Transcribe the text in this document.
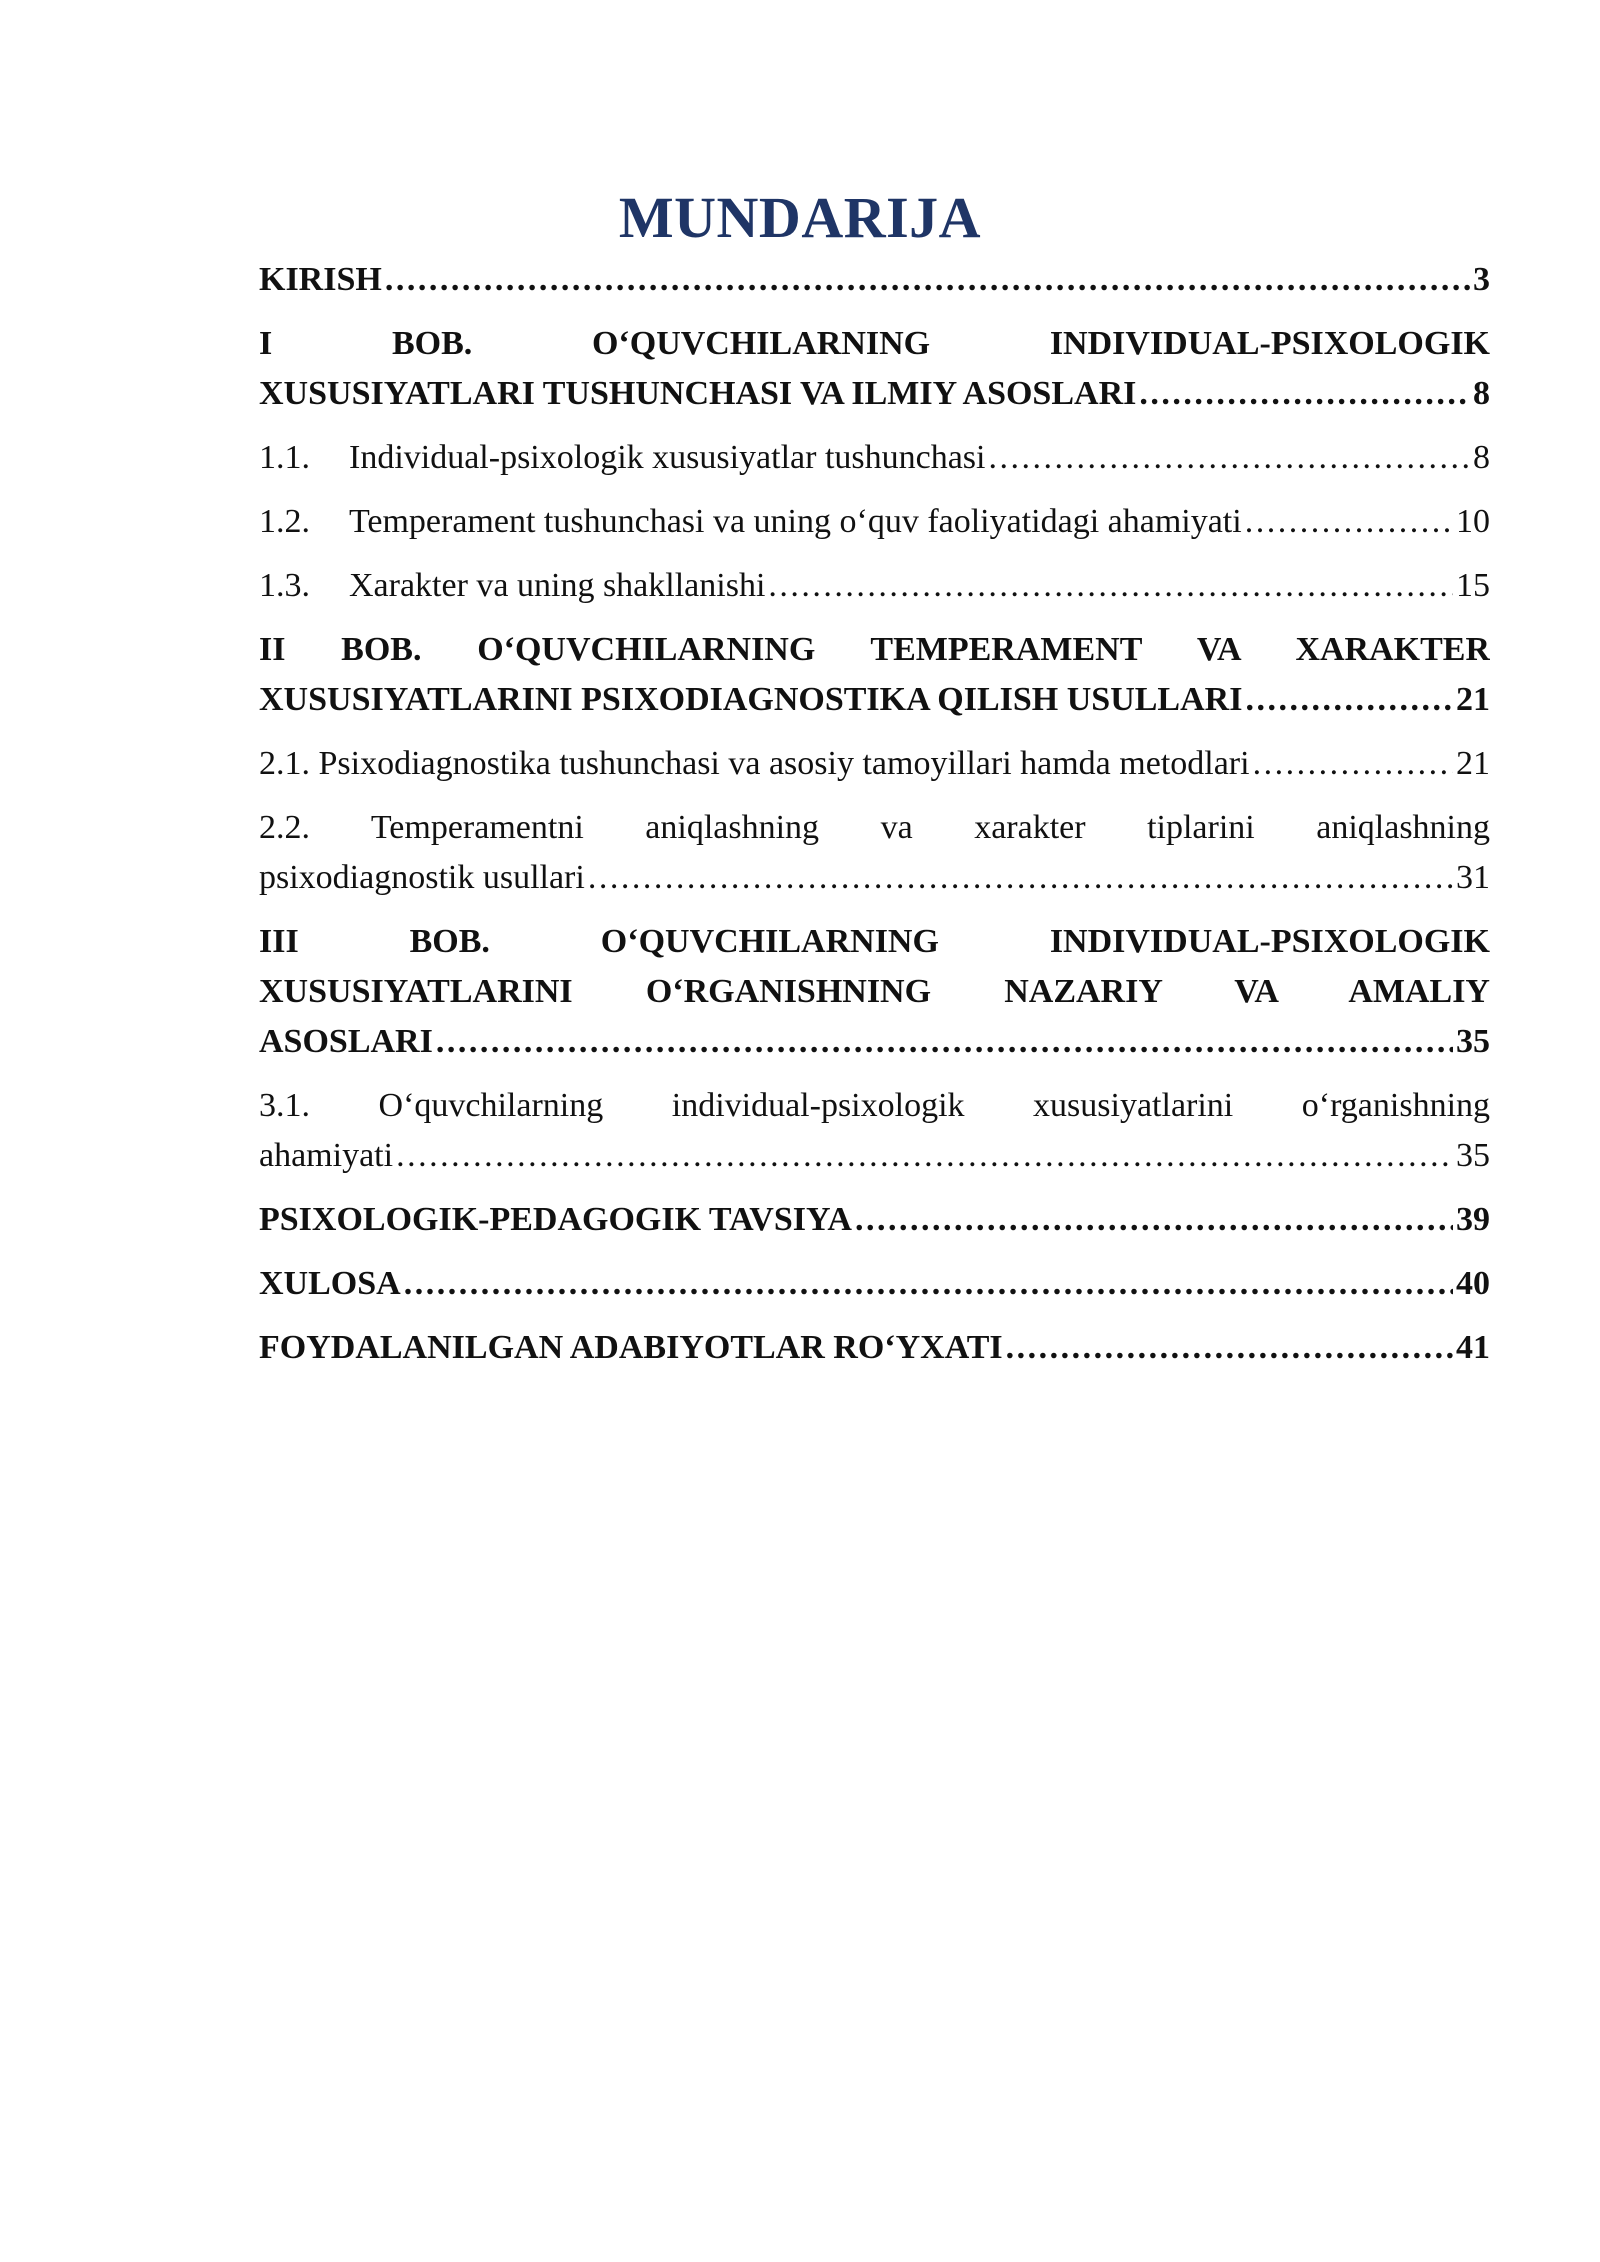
MUNDARIJA
KIRISH . . .	3
I	BOB.	O‘QUVCHILARNING	INDIVIDUAL-PSIXOLOGIK
XUSUSIYATLARI TUSHUNCHASI VA ILMIY ASOSLARI . . .	8
1.1. Individual-psixologik xususiyatlar tushunchasi . . .	8
1.2. Temperament tushunchasi va uning o‘quv faoliyatidagi ahamiyati . . .	10
1.3. Xarakter va uning shakllanishi . . .	15
II BOB. O‘QUVCHILARNING TEMPERAMENT VA XARAKTER
XUSUSIYATLARINI PSIXODIAGNOSTIKA QILISH USULLARI . . .	21
2.1. Psixodiagnostika tushunchasi va asosiy tamoyillari hamda metodlari . . .	21
2.2. Temperamentni aniqlashning va xarakter tiplarini aniqlashning
psixodiagnostik usullari . . .	31
III	BOB.	O‘QUVCHILARNING	INDIVIDUAL-PSIXOLOGIK
XUSUSIYATLARINI O‘RGANISHNING NAZARIY VA AMALIY
ASOSLARI . . .	35
3.1. O‘quvchilarning individual-psixologik xususiyatlarini o‘rganishning
ahamiyati . . .	35
PSIXOLOGIK-PEDAGOGIK TAVSIYA . . .	39
XULOSA . . .	40
FOYDALANILGAN ADABIYOTLAR RO‘YXATI . . .	41
